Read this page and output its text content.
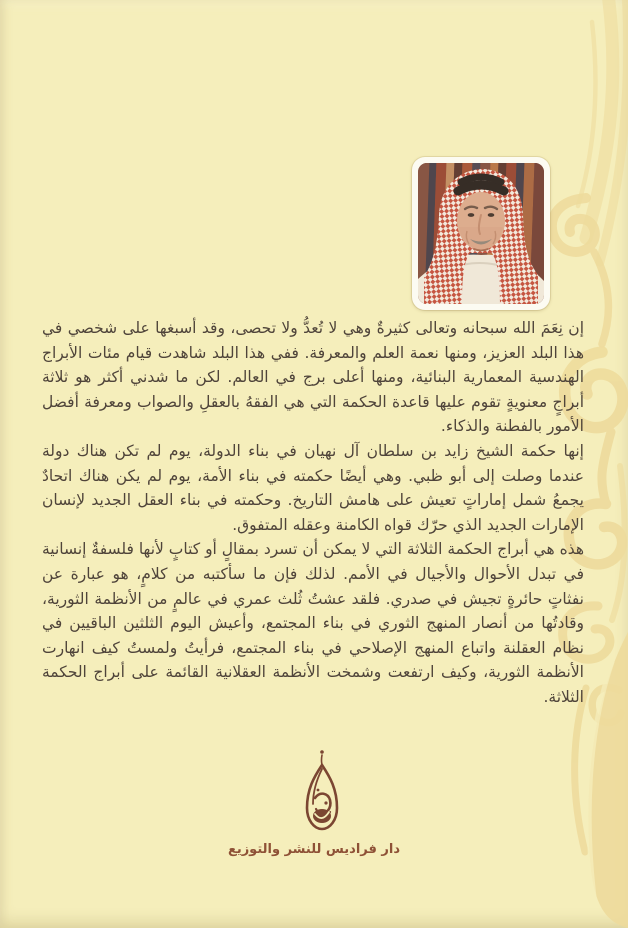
إن نِعَمَ الله سبحانه وتعالى كثيرةٌ وهي لا تُعدُّ ولا تحصى، وقد أسبغها على شخصي في هذا البلد العزيز، ومنها نعمة العلم والمعرفة. ففي هذا البلد شاهدت قيام مئات الأبراج الهندسية المعمارية البنائية، ومنها أعلى برج في العالم. لكن ما شدني أكثر هو ثلاثة أبراجٍ معنويةٍ تقوم عليها قاعدة الحكمة التي هي الفقهُ بالعقلِ والصواب ومعرفة أفضل الأمور بالفطنة والذكاء.

إنها حكمة الشيخ زايد بن سلطان آل نهيان في بناء الدولة، يوم لم تكن هناك دولة عندما وصلت إلى أبو ظبي. وهي أيضًا حكمته في بناء الأمة، يوم لم يكن هناك اتحادٌ يجمعُ شمل إماراتٍ تعيش على هامش التاريخ. وحكمته في بناء العقل الجديد لإنسان الإمارات الجديد الذي حرّك قواه الكامنة وعقله المتفوق.

هذه هي أبراج الحكمة الثلاثة التي لا يمكن أن تسرد بمقالٍ أو كتابٍ لأنها فلسفةٌ إنسانية في تبدل الأحوال والأجيال في الأمم. لذلك فإن ما سأكتبه من كلامٍ، هو عبارة عن نفثاتٍ حائرةٍ تجيش في صدري. فلقد عشتُ ثُلث عمري في عالمٍ من الأنظمة الثورية، وقادتُها من أنصار المنهج الثوري في بناء المجتمع، وأعيش اليوم الثلثين الباقيين في نظام العقلنة واتباع المنهج الإصلاحي في بناء المجتمع، فرأيتُ ولمستُ كيف انهارت الأنظمة الثورية، وكيف ارتفعت وشمخت الأنظمة العقلانية القائمة على أبراج الحكمة الثلاثة.

دار فراديس للنشر والتوزيع
